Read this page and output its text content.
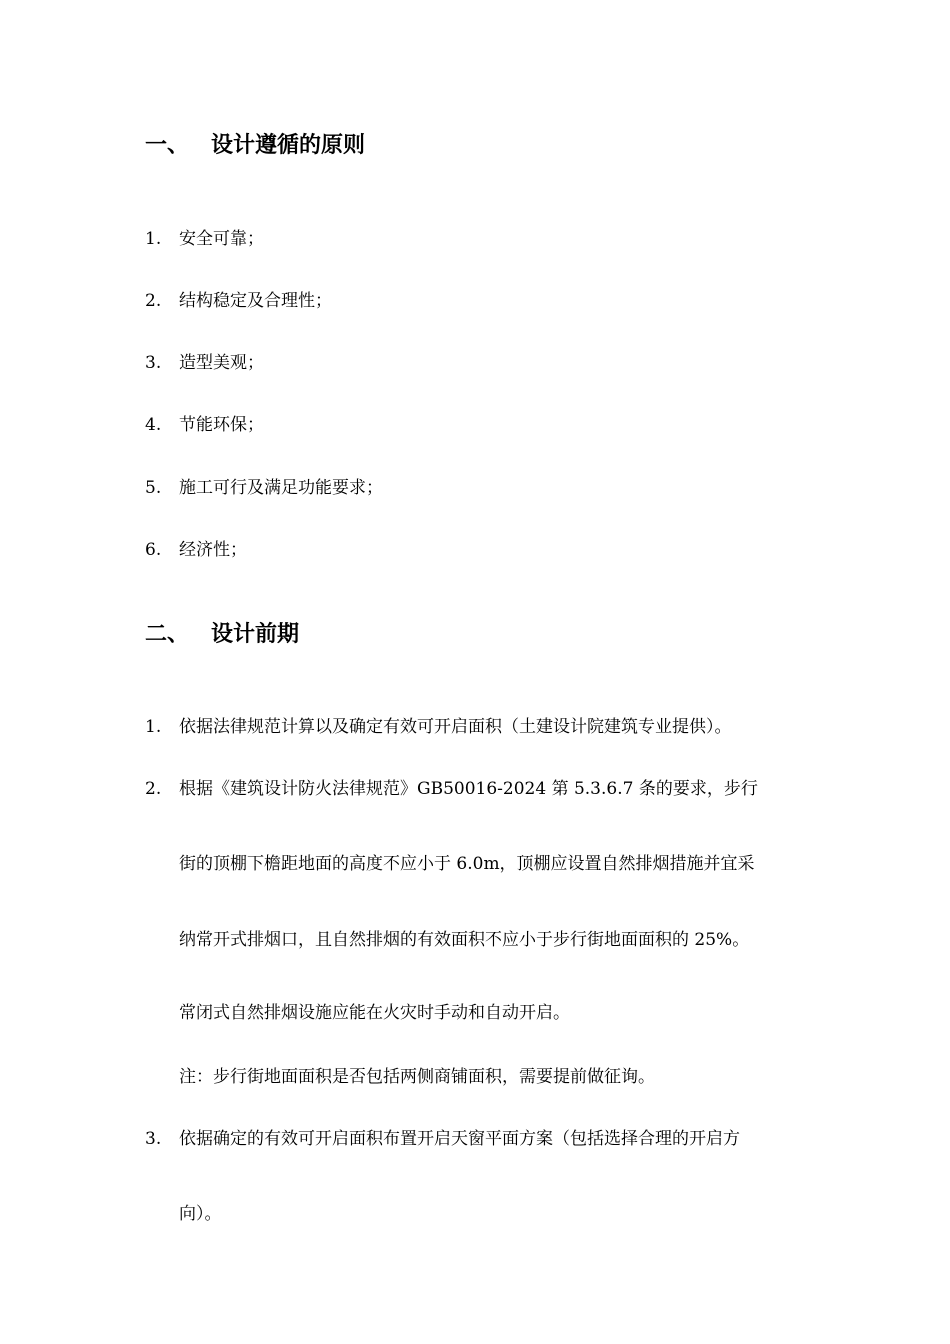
一、 设计遵循的原则
1. 安全可靠；
2. 结构稳定及合理性；
3. 造型美观；
4. 节能环保；
5. 施工可行及满足功能要求；
6. 经济性；
二、 设计前期
1. 依据法律规范计算以及确定有效可开启面积（土建设计院建筑专业提供）。
2. 根据《建筑设计防火法律规范》GB50016-2024 第 5.3.6.7 条的要求，步行
街的顶棚下檐距地面的高度不应小于 6.0m，顶棚应设置自然排烟措施并宜采
纳常开式排烟口，且自然排烟的有效面积不应小于步行街地面面积的 25%。
常闭式自然排烟设施应能在火灾时手动和自动开启。
注：步行街地面面积是否包括两侧商铺面积，需要提前做征询。
3. 依据确定的有效可开启面积布置开启天窗平面方案（包括选择合理的开启方
向）。
